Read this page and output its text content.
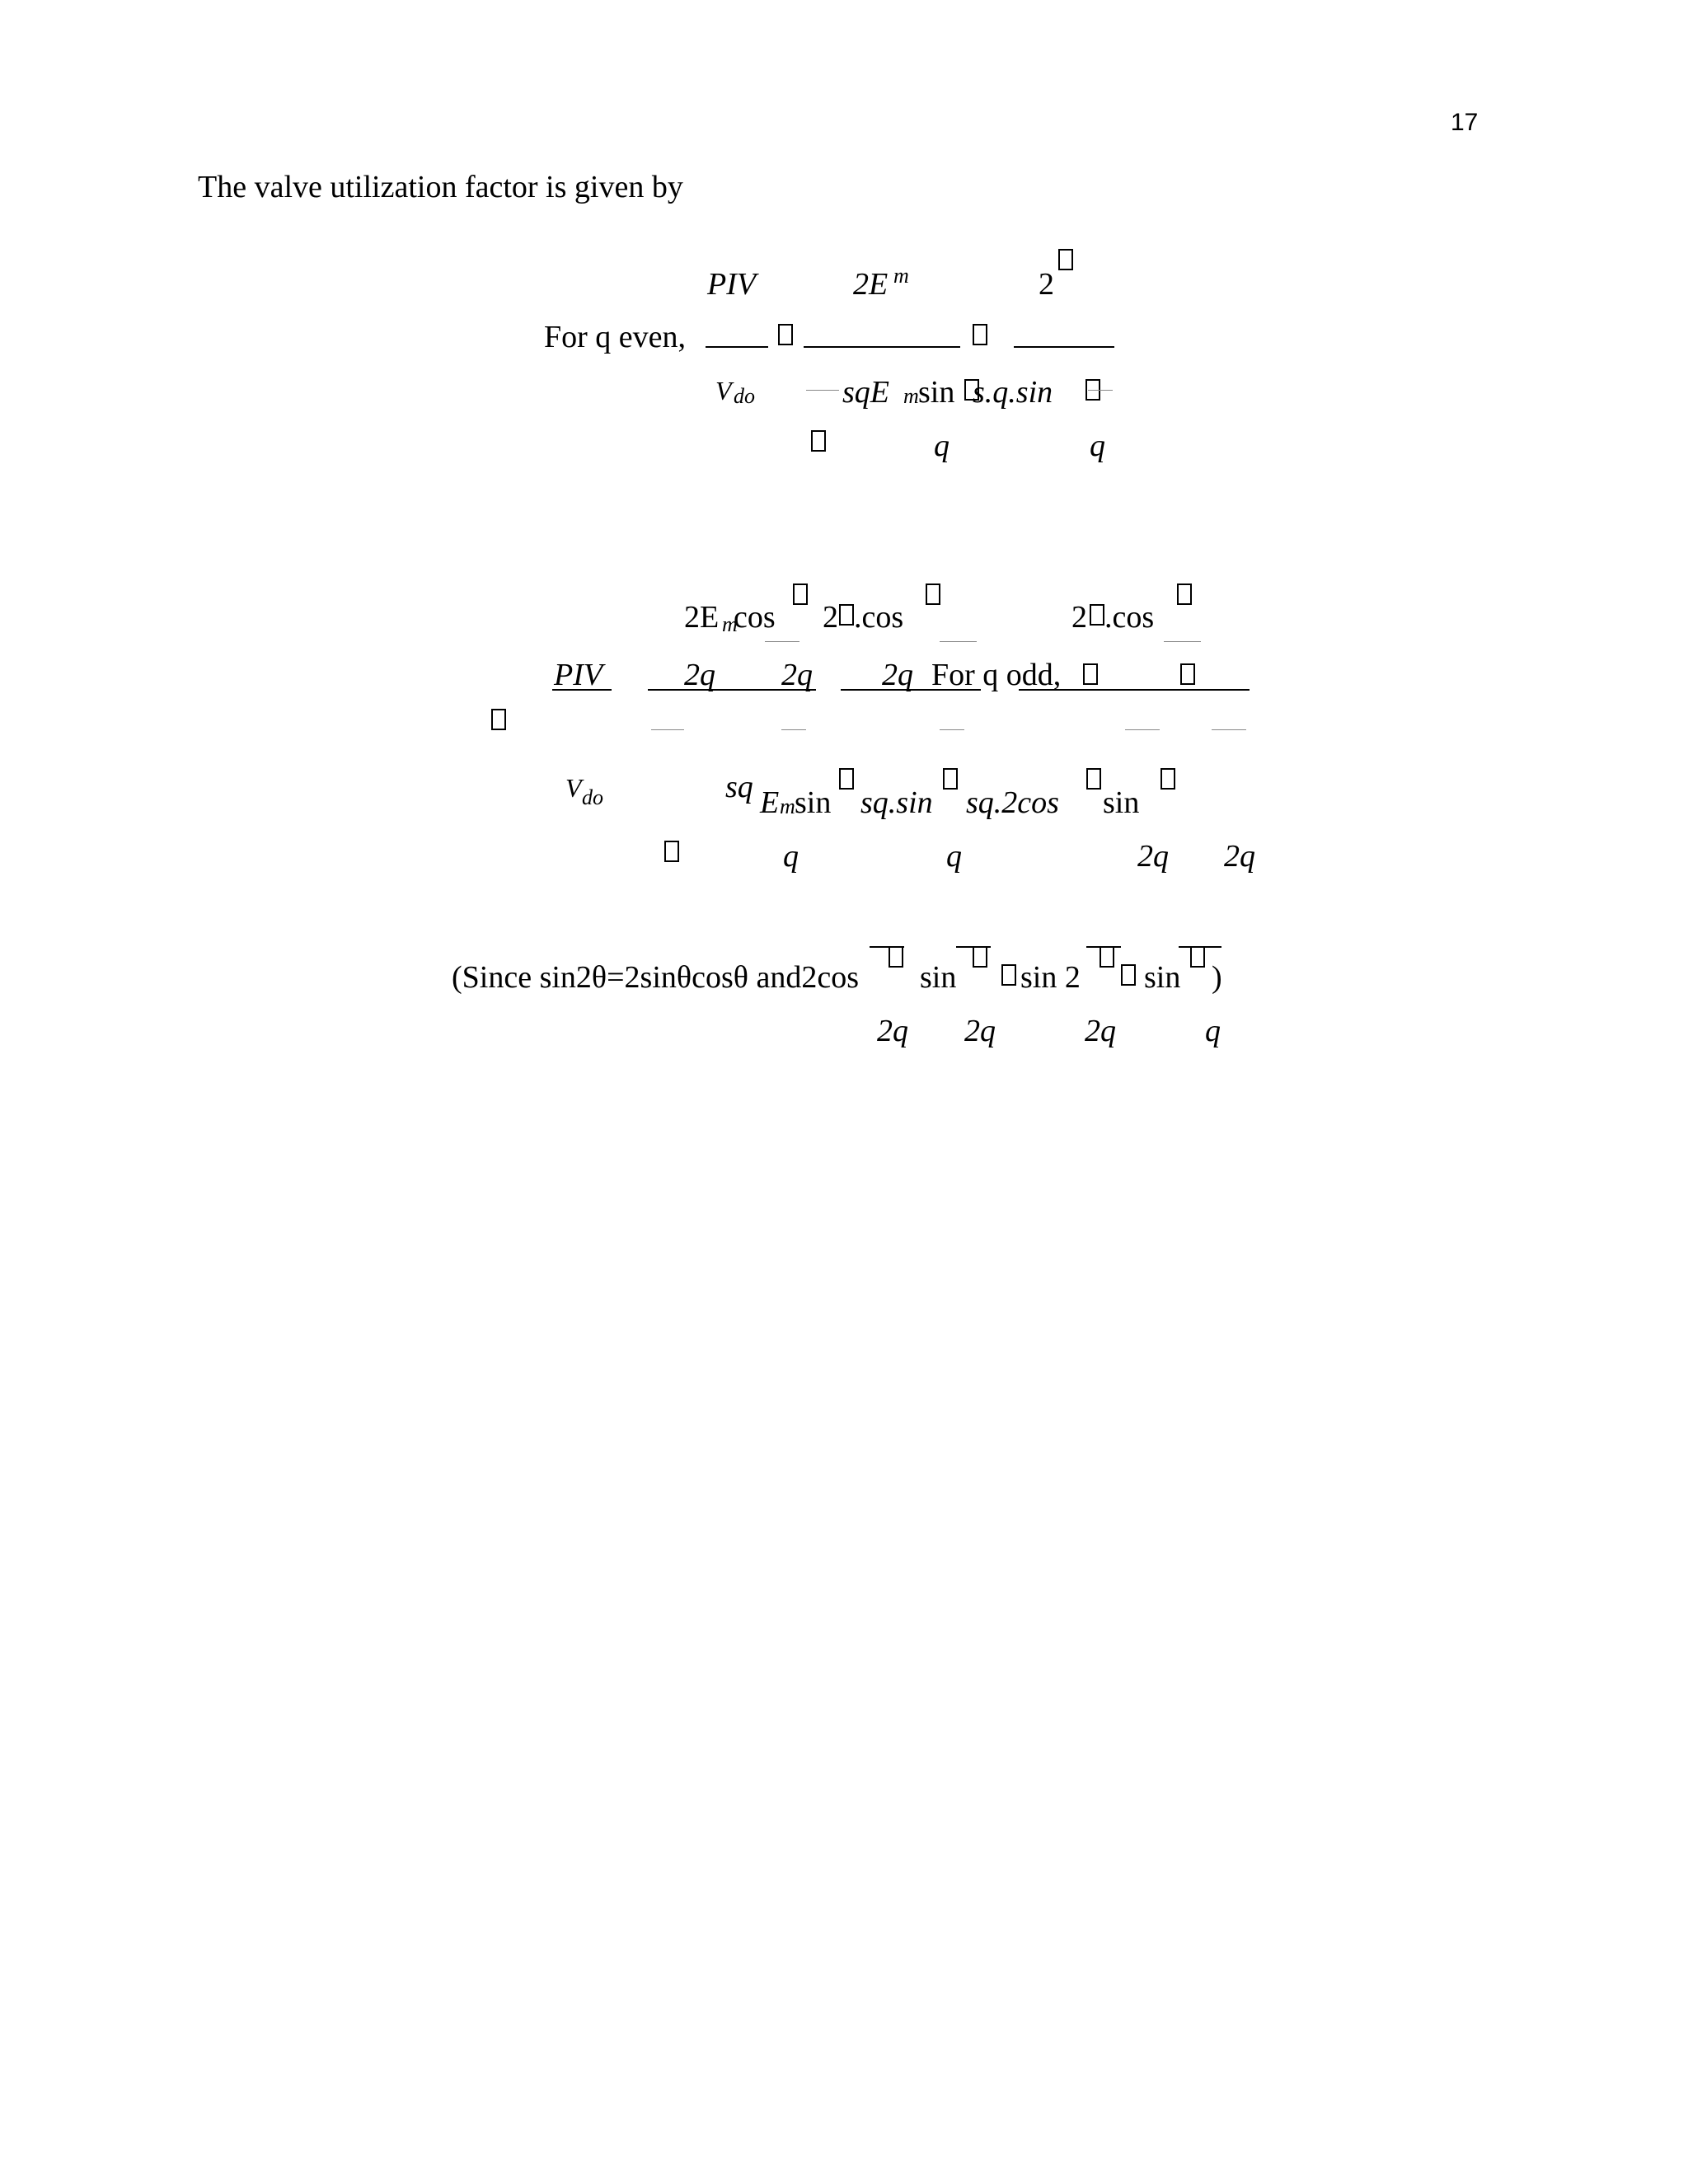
17
The valve utilization factor is given by
PIV	2E m	2
For q even,
V do	sqE m sin s.q.sin
q	q
2E m
cos 2 .cos	2 .cos
PIV	2q 2q 2q For q odd,
V do	sq E m sin sq.sin sq.2cos sin
q	q	2q 2q
(Since sin2θ=2sinθcosθ and2cos sin sin 2 sin )
2q 2q	2q	q
